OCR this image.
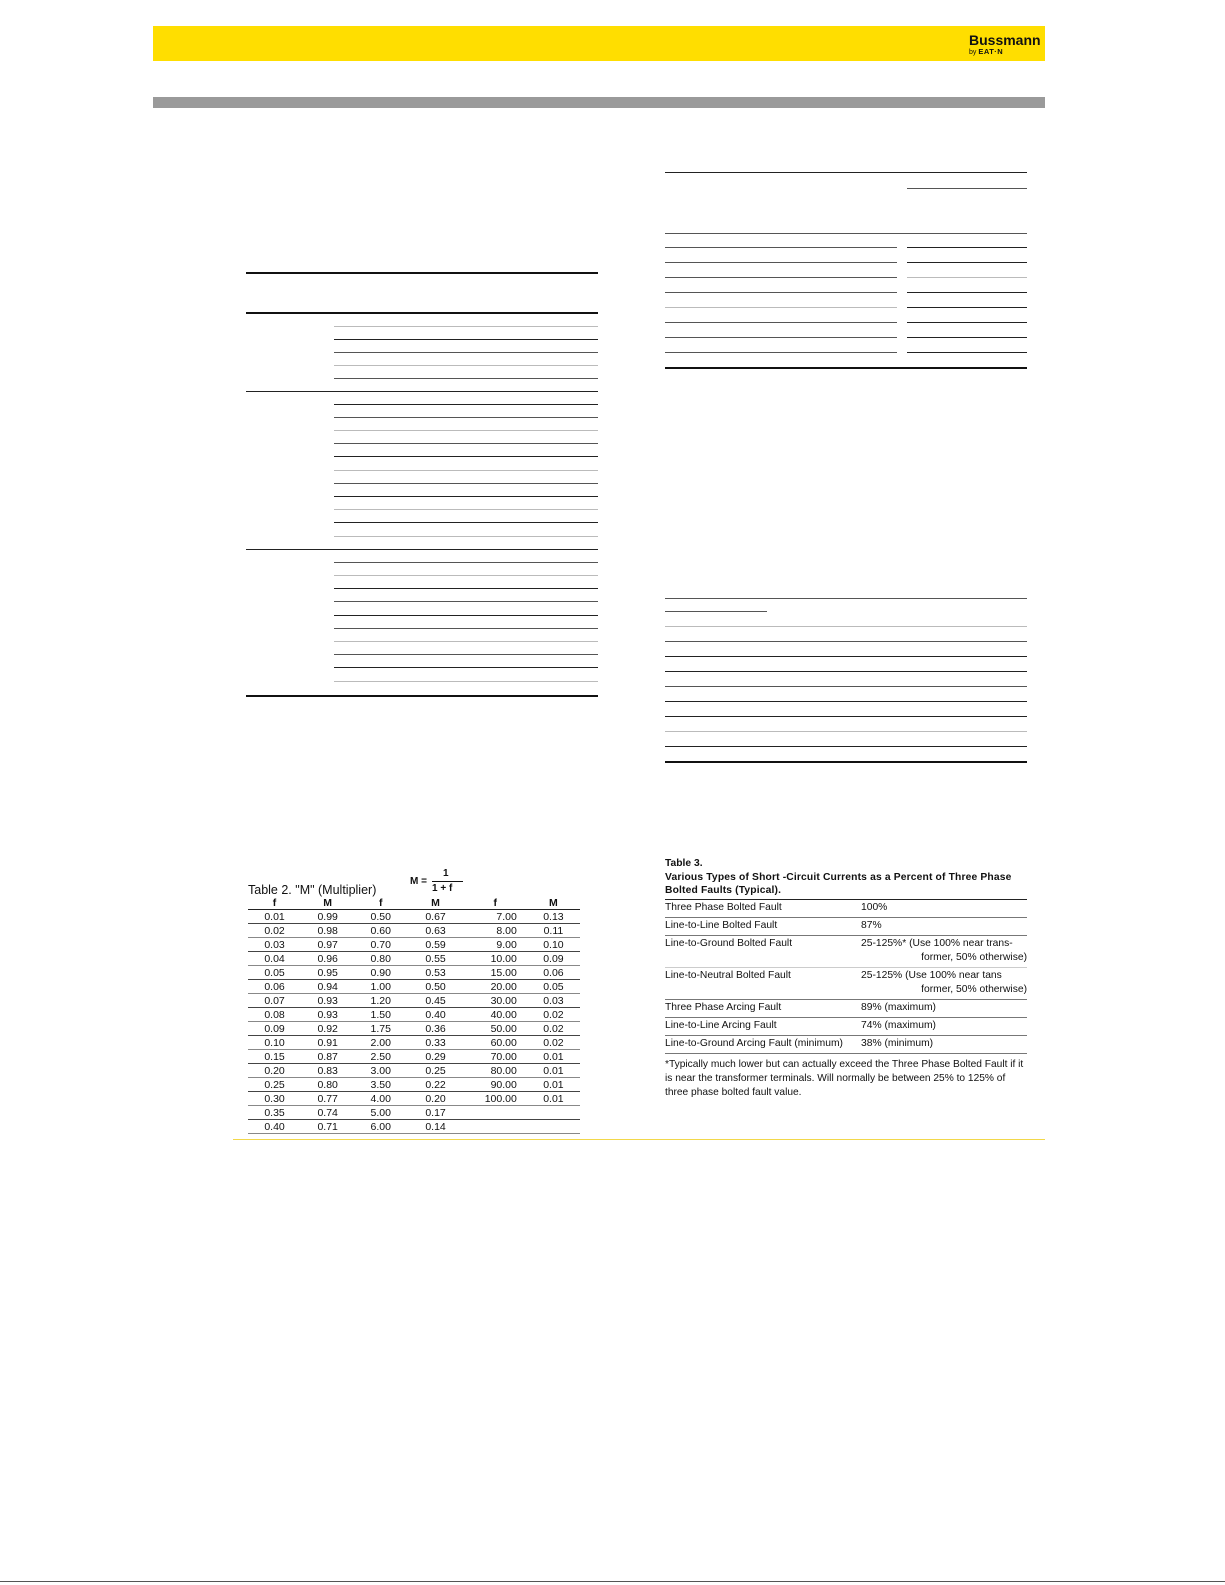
Bussmann
by EAT·N
Table 2. "M" (Multiplier)
M =
1
1 + f
f	M	f	M	f	M
0.01	0.99	0.50	0.67	7.00	0.13
0.02	0.98	0.60	0.63	8.00	0.11
0.03	0.97	0.70	0.59	9.00	0.10
0.04	0.96	0.80	0.55	10.00	0.09
0.05	0.95	0.90	0.53	15.00	0.06
0.06	0.94	1.00	0.50	20.00	0.05
0.07	0.93	1.20	0.45	30.00	0.03
0.08	0.93	1.50	0.40	40.00	0.02
0.09	0.92	1.75	0.36	50.00	0.02
0.10	0.91	2.00	0.33	60.00	0.02
0.15	0.87	2.50	0.29	70.00	0.01
0.20	0.83	3.00	0.25	80.00	0.01
0.25	0.80	3.50	0.22	90.00	0.01
0.30	0.77	4.00	0.20	100.00	0.01
0.35	0.74	5.00	0.17		
0.40	0.71	6.00	0.14		
Table 3.
Various Types of Short -Circuit Currents as a Percent of Three Phase Bolted Faults (Typical).
Three Phase Bolted Fault	100%

Line-to-Line Bolted Fault	87%

Line-to-Ground Bolted Fault	25-125%* (Use 100% near trans-
former, 50% otherwise)

Line-to-Neutral Bolted Fault	25-125% (Use 100% near tans
former, 50% otherwise)

Three Phase Arcing Fault	89% (maximum)

Line-to-Line Arcing Fault	74% (maximum)

Line-to-Ground Arcing Fault (minimum)	38% (minimum)
*Typically much lower but can actually exceed the Three Phase Bolted Fault if it is near the transformer terminals. Will normally be between 25% to 125% of three phase bolted fault value.
